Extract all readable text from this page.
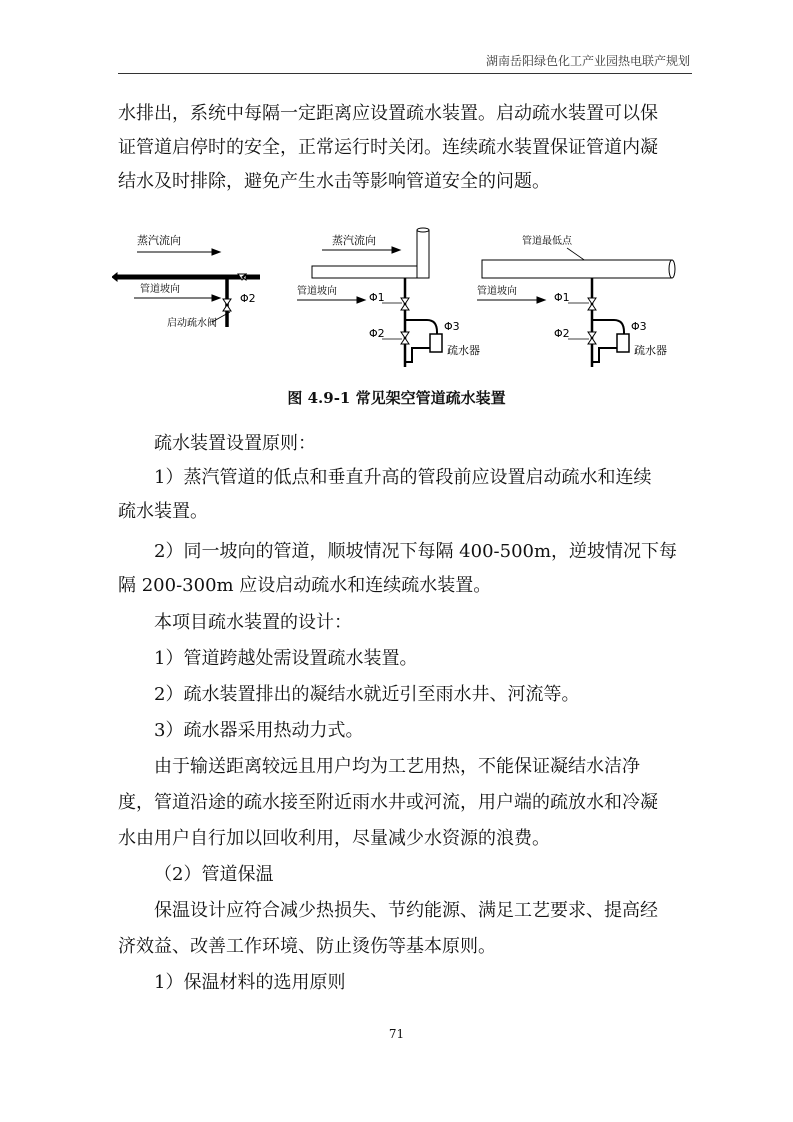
湖南岳阳绿色化工产业园热电联产规划
水排出，系统中每隔一定距离应设置疏水装置。启动疏水装置可以保
证管道启停时的安全，正常运行时关闭。连续疏水装置保证管道内凝
结水及时排除，避免产生水击等影响管道安全的问题。
蒸汽流向
管道坡向
Φ2
启动疏水阀
蒸汽流向
管道坡向	Φ1
Φ2
Φ3
疏水器
管道最低点
管道坡向	Φ1
Φ2
Φ3
疏水器
图 4.9-1 常见架空管道疏水装置
疏水装置设置原则：
1）蒸汽管道的低点和垂直升高的管段前应设置启动疏水和连续
疏水装置。
2）同一坡向的管道，顺坡情况下每隔 400-500m，逆坡情况下每
隔 200-300m 应设启动疏水和连续疏水装置。
本项目疏水装置的设计：
1）管道跨越处需设置疏水装置。
2）疏水装置排出的凝结水就近引至雨水井、河流等。
3）疏水器采用热动力式。
由于输送距离较远且用户均为工艺用热，不能保证凝结水洁净
度，管道沿途的疏水接至附近雨水井或河流，用户端的疏放水和冷凝
水由用户自行加以回收利用，尽量减少水资源的浪费。
（2）管道保温
保温设计应符合减少热损失、节约能源、满足工艺要求、提高经
济效益、改善工作环境、防止烫伤等基本原则。
1）保温材料的选用原则
71
